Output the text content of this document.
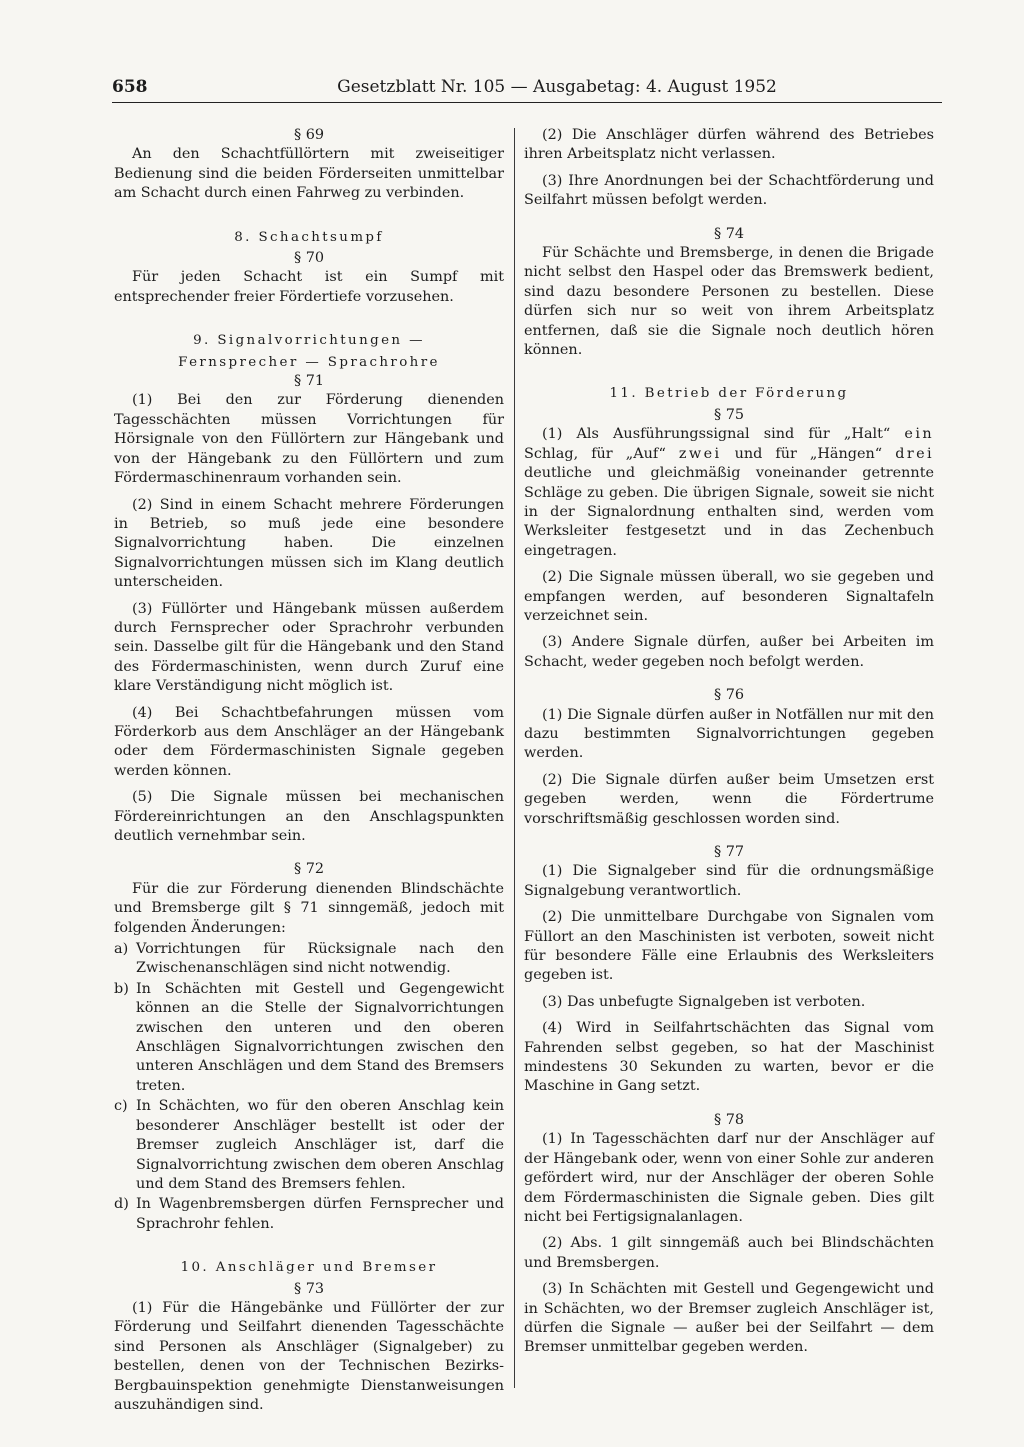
658	Gesetzblatt Nr. 105 — Ausgabetag: 4. August 1952

§ 69

An den Schachtfüllörtern mit zweiseitiger Bedienung sind die beiden Förderseiten unmittelbar am Schacht durch einen Fahrweg zu verbinden.

8. Schachtsumpf

§ 70

Für jeden Schacht ist ein Sumpf mit entsprechender freier Fördertiefe vorzusehen.

9. Signalvorrichtungen —

Fernsprecher — Sprachrohre

§ 71

(1) Bei den zur Förderung dienenden Tagesschächten müssen Vorrichtungen für Hörsignale von den Füllörtern zur Hängebank und von der Hängebank zu den Füllörtern und zum Fördermaschinenraum vorhanden sein.

(2) Sind in einem Schacht mehrere Förderungen in Betrieb, so muß jede eine besondere Signalvorrichtung haben. Die einzelnen Signalvorrichtungen müssen sich im Klang deutlich unterscheiden.

(3) Füllörter und Hängebank müssen außerdem durch Fernsprecher oder Sprachrohr verbunden sein. Dasselbe gilt für die Hängebank und den Stand des Fördermaschinisten, wenn durch Zuruf eine klare Verständigung nicht möglich ist.

(4) Bei Schachtbefahrungen müssen vom Förderkorb aus dem Anschläger an der Hängebank oder dem Fördermaschinisten Signale gegeben werden können.

(5) Die Signale müssen bei mechanischen Fördereinrichtungen an den Anschlagspunkten deutlich vernehmbar sein.

§ 72

Für die zur Förderung dienenden Blindschächte und Bremsberge gilt § 71 sinngemäß, jedoch mit folgenden Änderungen:

a) Vorrichtungen für Rücksignale nach den Zwischenanschlägen sind nicht notwendig.
b) In Schächten mit Gestell und Gegengewicht können an die Stelle der Signalvorrichtungen zwischen den unteren und den oberen Anschlägen Signalvorrichtungen zwischen den unteren Anschlägen und dem Stand des Bremsers treten.
c) In Schächten, wo für den oberen Anschlag kein besonderer Anschläger bestellt ist oder der Bremser zugleich Anschläger ist, darf die Signalvorrichtung zwischen dem oberen Anschlag und dem Stand des Bremsers fehlen.
d) In Wagenbremsbergen dürfen Fernsprecher und Sprachrohr fehlen.

10. Anschläger und Bremser

§ 73

(1) Für die Hängebänke und Füllörter der zur Förderung und Seilfahrt dienenden Tagesschächte sind Personen als Anschläger (Signalgeber) zu bestellen, denen von der Technischen Bezirks-Bergbauinspektion genehmigte Dienstanweisungen auszuhändigen sind.

(2) Die Anschläger dürfen während des Betriebes ihren Arbeitsplatz nicht verlassen.

(3) Ihre Anordnungen bei der Schachtförderung und Seilfahrt müssen befolgt werden.

§ 74

Für Schächte und Bremsberge, in denen die Brigade nicht selbst den Haspel oder das Bremswerk bedient, sind dazu besondere Personen zu bestellen. Diese dürfen sich nur so weit von ihrem Arbeitsplatz entfernen, daß sie die Signale noch deutlich hören können.

11. Betrieb der Förderung

§ 75

(1) Als Ausführungssignal sind für „Halt“ ein Schlag, für „Auf“ zwei und für „Hängen“ drei deutliche und gleichmäßig voneinander getrennte Schläge zu geben. Die übrigen Signale, soweit sie nicht in der Signalordnung enthalten sind, werden vom Werksleiter festgesetzt und in das Zechenbuch eingetragen.

(2) Die Signale müssen überall, wo sie gegeben und empfangen werden, auf besonderen Signaltafeln verzeichnet sein.

(3) Andere Signale dürfen, außer bei Arbeiten im Schacht, weder gegeben noch befolgt werden.

§ 76

(1) Die Signale dürfen außer in Notfällen nur mit den dazu bestimmten Signalvorrichtungen gegeben werden.

(2) Die Signale dürfen außer beim Umsetzen erst gegeben werden, wenn die Fördertrume vorschriftsmäßig geschlossen worden sind.

§ 77

(1) Die Signalgeber sind für die ordnungsmäßige Signalgebung verantwortlich.

(2) Die unmittelbare Durchgabe von Signalen vom Füllort an den Maschinisten ist verboten, soweit nicht für besondere Fälle eine Erlaubnis des Werksleiters gegeben ist.

(3) Das unbefugte Signalgeben ist verboten.

(4) Wird in Seilfahrtschächten das Signal vom Fahrenden selbst gegeben, so hat der Maschinist mindestens 30 Sekunden zu warten, bevor er die Maschine in Gang setzt.

§ 78

(1) In Tagesschächten darf nur der Anschläger auf der Hängebank oder, wenn von einer Sohle zur anderen gefördert wird, nur der Anschläger der oberen Sohle dem Fördermaschinisten die Signale geben. Dies gilt nicht bei Fertigsignalanlagen.

(2) Abs. 1 gilt sinngemäß auch bei Blindschächten und Bremsbergen.

(3) In Schächten mit Gestell und Gegengewicht und in Schächten, wo der Bremser zugleich Anschläger ist, dürfen die Signale — außer bei der Seilfahrt — dem Bremser unmittelbar gegeben werden.
